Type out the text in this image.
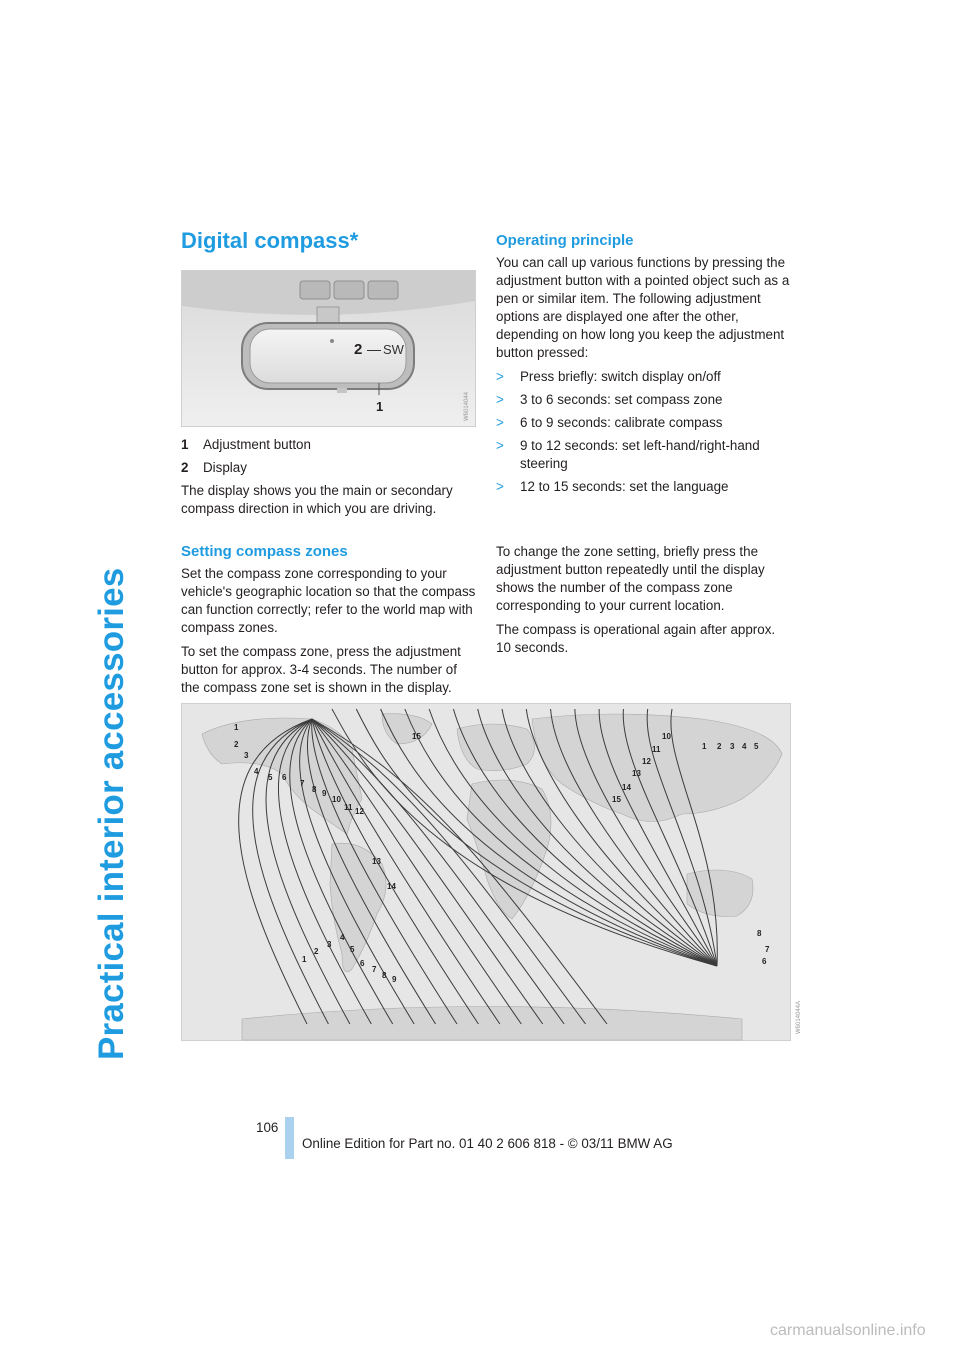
Practical interior accessories
Digital compass*
2 SW
1	W6014044
1	Adjustment button
2	Display

The display shows you the main or secondary compass direction in which you are driving.

Operating principle

You can call up various functions by pressing the adjustment button with a pointed object such as a pen or similar item. The following adjustment options are displayed one after the other, depending on how long you keep the adjustment button pressed:

>	Press briefly: switch display on/off
>	3 to 6 seconds: set compass zone
>	6 to 9 seconds: calibrate compass
>	9 to 12 seconds: set left-hand/right-hand steering
>	12 to 15 seconds: set the language
Setting compass zones

Set the compass zone corresponding to your vehicle's geographic location so that the compass can function correctly; refer to the world map with compass zones.

To set the compass zone, press the adjustment button for approx. 3-4 seconds. The number of the compass zone set is shown in the display.

To change the zone setting, briefly press the adjustment button repeatedly until the display shows the number of the compass zone corresponding to your current location.

The compass is operational again after approx. 10 seconds.

1
2
3
4
5 6
7
8 9
10
11 12
13
14
15
1
2
3
4
5
6
7
8 9
10
11
12
13
14
15
1 2 3 4 5
6
7
8
W6014044A
106
Online Edition for Part no. 01 40 2 606 818 - © 03/11 BMW AG
carmanualsonline.info
